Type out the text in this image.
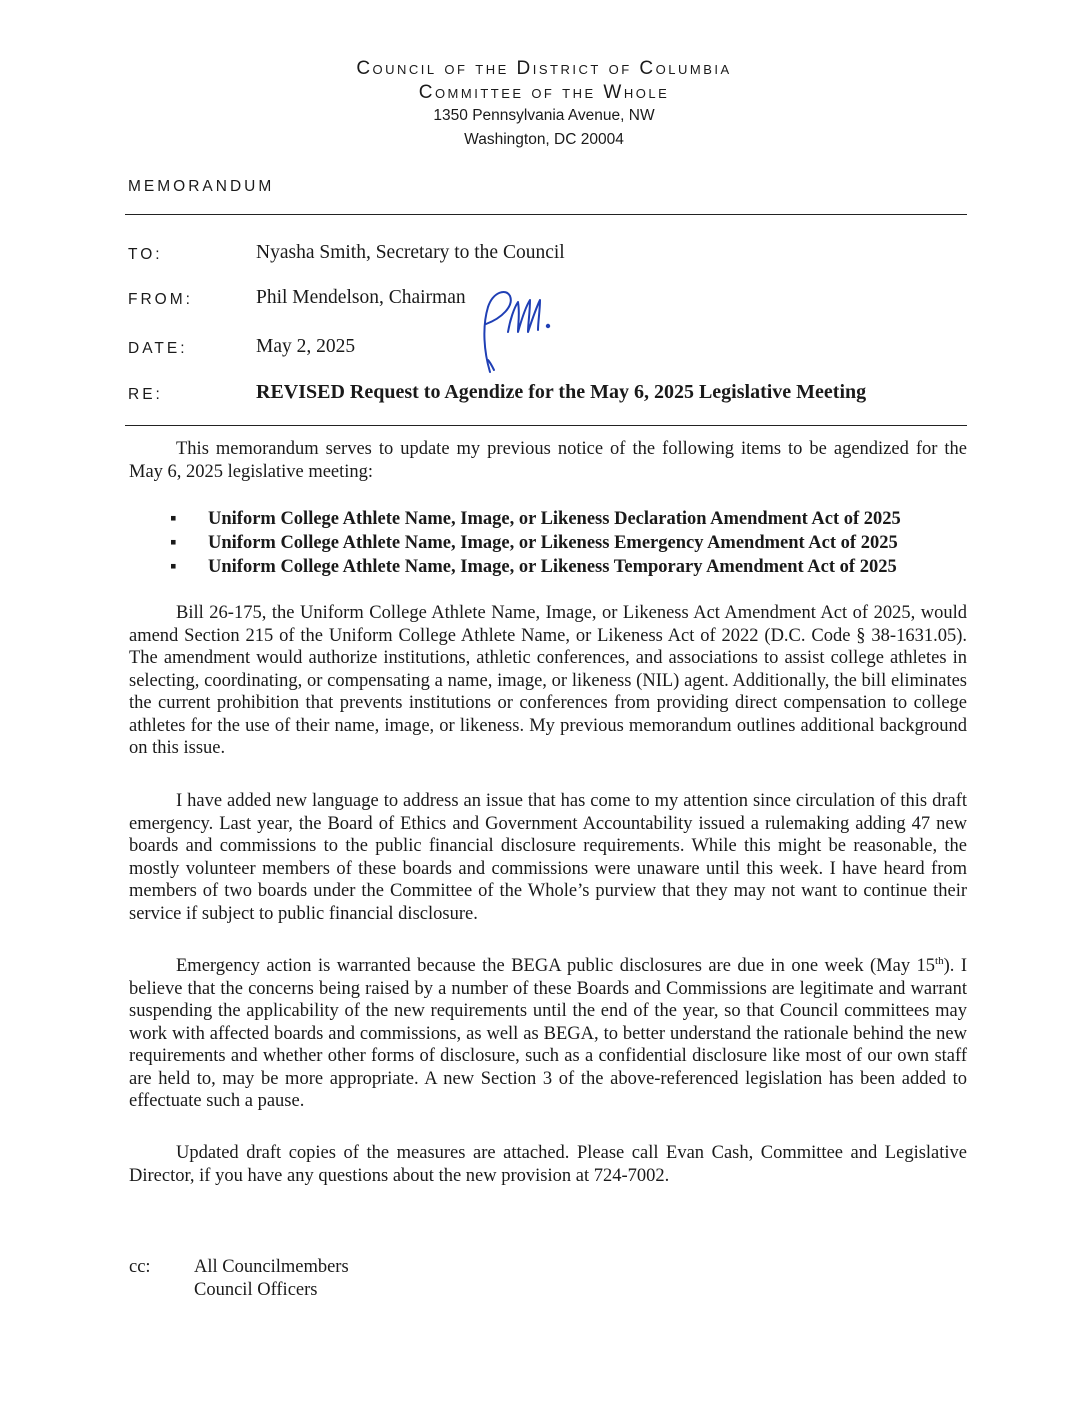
Council of the District of Columbia
Committee of the Whole
1350 Pennsylvania Avenue, NW
Washington, DC 20004
MEMORANDUM
TO:	Nyasha Smith, Secretary to the Council
FROM:	Phil Mendelson, Chairman
DATE:	May 2, 2025
RE:	REVISED Request to Agendize for the May 6, 2025 Legislative Meeting

This memorandum serves to update my previous notice of the following items to be agendized for the May 6, 2025 legislative meeting:

▪ Uniform College Athlete Name, Image, or Likeness Declaration Amendment Act of 2025
▪ Uniform College Athlete Name, Image, or Likeness Emergency Amendment Act of 2025
▪ Uniform College Athlete Name, Image, or Likeness Temporary Amendment Act of 2025

Bill 26-175, the Uniform College Athlete Name, Image, or Likeness Act Amendment Act of 2025, would amend Section 215 of the Uniform College Athlete Name, or Likeness Act of 2022 (D.C. Code § 38-1631.05). The amendment would authorize institutions, athletic conferences, and associations to assist college athletes in selecting, coordinating, or compensating a name, image, or likeness (NIL) agent. Additionally, the bill eliminates the current prohibition that prevents institutions or conferences from providing direct compensation to college athletes for the use of their name, image, or likeness. My previous memorandum outlines additional background on this issue.

I have added new language to address an issue that has come to my attention since circulation of this draft emergency. Last year, the Board of Ethics and Government Accountability issued a rulemaking adding 47 new boards and commissions to the public financial disclosure requirements. While this might be reasonable, the mostly volunteer members of these boards and commissions were unaware until this week. I have heard from members of two boards under the Committee of the Whole’s purview that they may not want to continue their service if subject to public financial disclosure.

Emergency action is warranted because the BEGA public disclosures are due in one week (May 15th). I believe that the concerns being raised by a number of these Boards and Commissions are legitimate and warrant suspending the applicability of the new requirements until the end of the year, so that Council committees may work with affected boards and commissions, as well as BEGA, to better understand the rationale behind the new requirements and whether other forms of disclosure, such as a confidential disclosure like most of our own staff are held to, may be more appropriate. A new Section 3 of the above-referenced legislation has been added to effectuate such a pause.

Updated draft copies of the measures are attached. Please call Evan Cash, Committee and Legislative Director, if you have any questions about the new provision at 724-7002.

cc: All Councilmembers
Council Officers
